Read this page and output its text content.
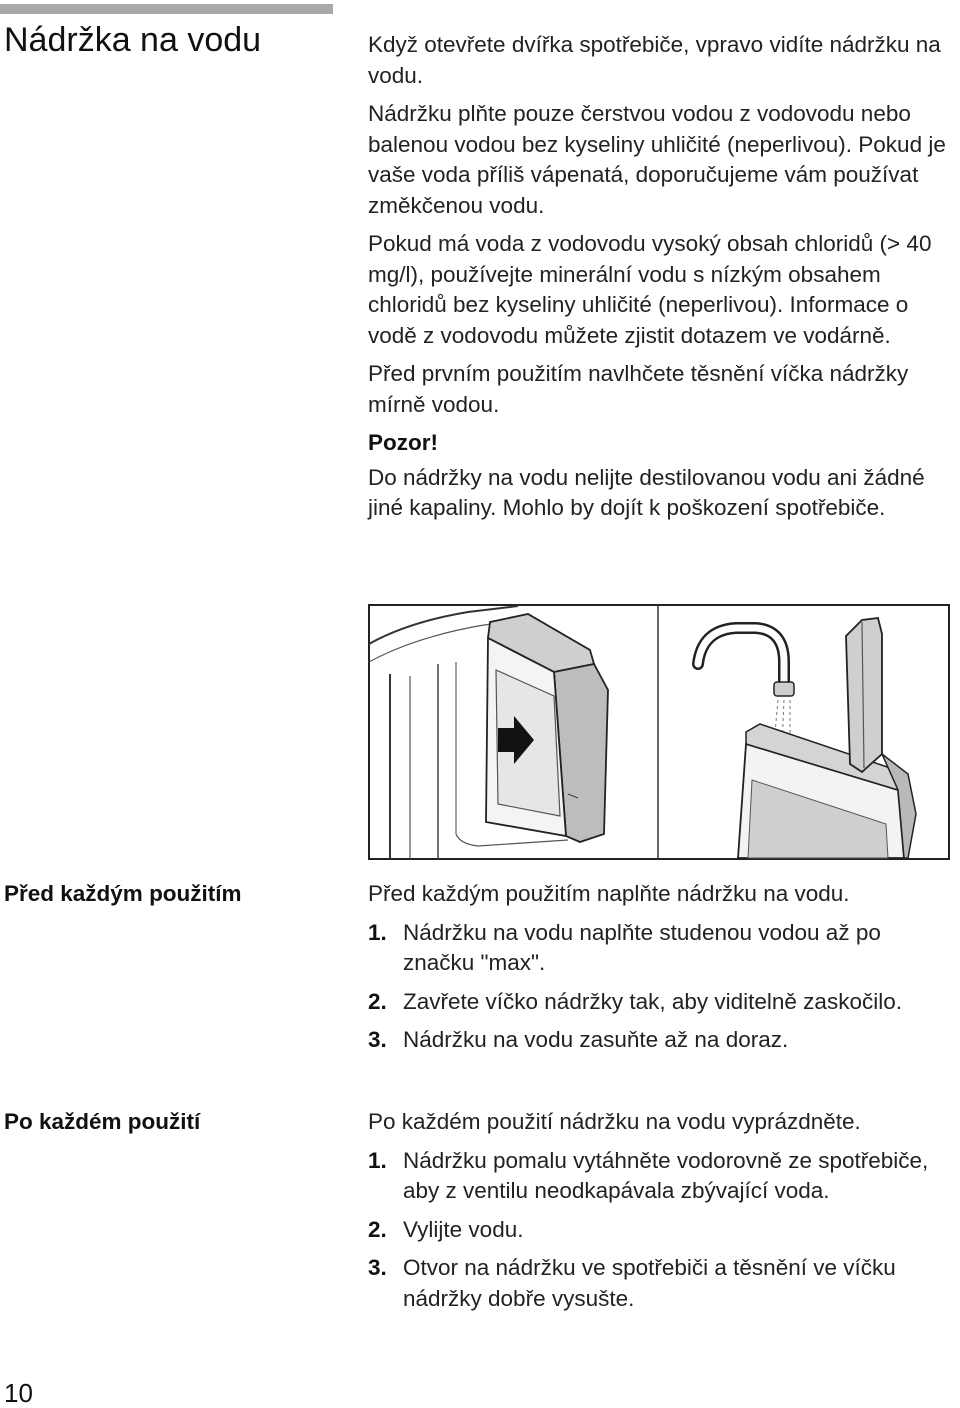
Nádržka na vodu	Když otevřete dvířka spotřebiče, vpravo vidíte nádržku na vodu.

Nádržku plňte pouze čerstvou vodou z vodovodu nebo balenou vodou bez kyseliny uhličité (neperlivou). Pokud je vaše voda příliš vápenatá, doporučujeme vám používat změkčenou vodu.

Pokud má voda z vodovodu vysoký obsah chloridů (> 40 mg/l), používejte minerální vodu s nízkým obsahem chloridů bez kyseliny uhličité (neperlivou). Informace o vodě z vodovodu můžete zjistit dotazem ve vodárně.

Před prvním použitím navlhčete těsnění víčka nádržky mírně vodou.

Pozor!

Do nádržky na vodu nelijte destilovanou vodu ani žádné jiné kapaliny. Mohlo by dojít k poškození spotřebiče.

Před každým použitím	Před každým použitím naplňte nádržku na vodu.

1. Nádržku na vodu naplňte studenou vodou až po značku "max".
2. Zavřete víčko nádržky tak, aby viditelně zaskočilo.
3. Nádržku na vodu zasuňte až na doraz.
Po každém použití	Po každém použití nádržku na vodu vyprázdněte.

1. Nádržku pomalu vytáhněte vodorovně ze spotřebiče, aby z ventilu neodkapávala zbývající voda.
2. Vylijte vodu.
3. Otvor na nádržku ve spotřebiči a těsnění ve víčku nádržky dobře vysušte.
10
